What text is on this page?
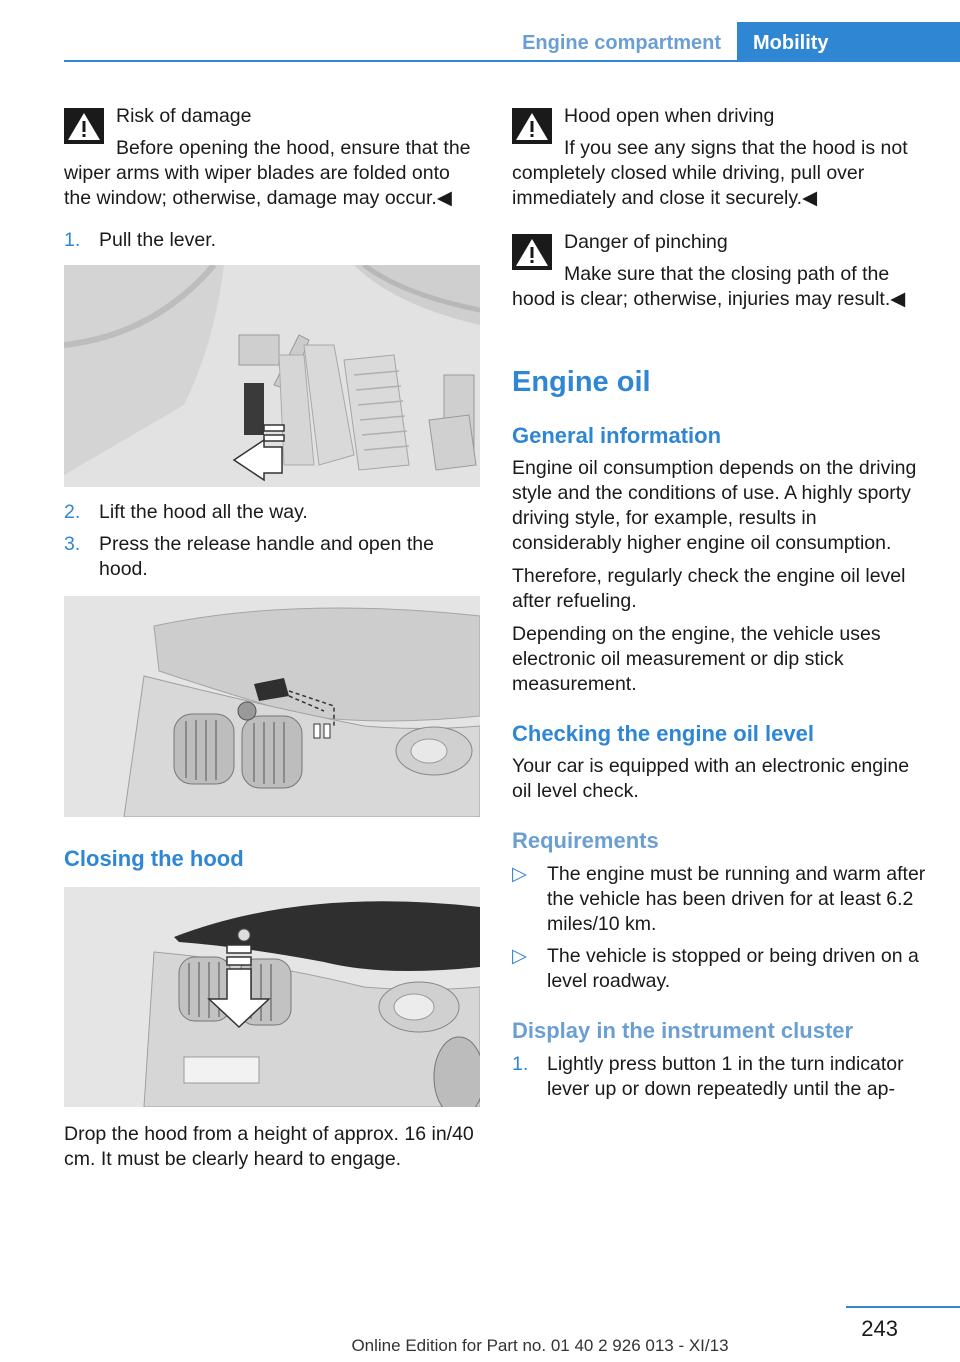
Engine compartment	Mobility
Risk of damage
Before opening the hood, ensure that the wiper arms with wiper blades are folded onto the window; otherwise, damage may occur.◀
1. Pull the lever.
2. Lift the hood all the way.
3. Press the release handle and open the hood.
Closing the hood
Drop the hood from a height of approx. 16 in/40 cm. It must be clearly heard to engage.
Hood open when driving
If you see any signs that the hood is not completely closed while driving, pull over immediately and close it securely.◀
Danger of pinching
Make sure that the closing path of the hood is clear; otherwise, injuries may result.◀
Engine oil
General information
Engine oil consumption depends on the driving style and the conditions of use. A highly sporty driving style, for example, results in considerably higher engine oil consumption.
Therefore, regularly check the engine oil level after refueling.
Depending on the engine, the vehicle uses electronic oil measurement or dip stick measurement.
Checking the engine oil level
Your car is equipped with an electronic engine oil level check.
Requirements
▷ The engine must be running and warm after the vehicle has been driven for at least 6.2 miles/10 km.
▷ The vehicle is stopped or being driven on a level roadway.
Display in the instrument cluster
1. Lightly press button 1 in the turn indicator lever up or down repeatedly until the ap-
243
Online Edition for Part no. 01 40 2 926 013 - XI/13
